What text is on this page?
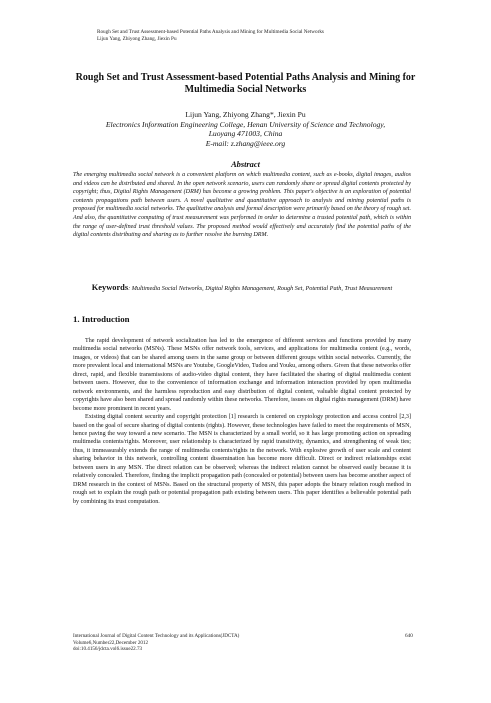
Rough Set and Trust Assessment-based Potential Paths Analysis and Mining for Multimedia Social Networks
Lijun Yang, Zhiyong Zhang, Jiexin Pu
Rough Set and Trust Assessment-based Potential Paths Analysis and Mining for Multimedia Social Networks
Lijun Yang, Zhiyong Zhang*, Jiexin Pu
Electronics Information Engineering College, Henan University of Science and Technology,
Luoyang 471003, China
E-mail: z.zhang@ieee.org
Abstract
The emerging multimedia social network is a convenient platform on which multimedia content, such as e-books, digital images, audios and videos can be distributed and shared. In the open network scenario, users can randomly share or spread digital contents protected by copyright; thus, Digital Rights Management (DRM) has become a growing problem. This paper's objective is an exploration of potential contents propagations path between users. A novel qualitative and quantitative approach to analysis and mining potential paths is proposed for multimedia social networks. The qualitative analysis and formal description were primarily based on the theory of rough set. And also, the quantitative computing of trust measurement was performed in order to determine a trusted potential path, which is within the range of user-defined trust threshold values. The proposed method would effectively and accurately find the potential paths of the digital contents distributing and sharing as to further resolve the burning DRM.
Keywords: Multimedia Social Networks, Digital Rights Management, Rough Set, Potential Path, Trust Measurement
1. Introduction

The rapid development of network socialization has led to the emergence of different services and functions provided by many multimedia social networks (MSNs). These MSNs offer network tools, services, and applications for multimedia content (e.g., words, images, or videos) that can be shared among users in the same group or between different groups within social networks. Currently, the more prevalent local and international MSNs are Youtube, GoogleVideo, Tudou and Youku, among others. Given that these networks offer direct, rapid, and flexible transmissions of audio-video digital content, they have facilitated the sharing of digital multimedia content between users. However, due to the convenience of information exchange and information interaction provided by open multimedia network environments, and the harmless reproduction and easy distribution of digital content, valuable digital content protected by copyrights have also been shared and spread randomly within these networks. Therefore, issues on digital rights management (DRM) have become more prominent in recent years.

Existing digital content security and copyright protection [1] research is centered on cryptology protection and access control [2,3] based on the goal of secure sharing of digital contents (rights). However, these technologies have failed to meet the requirements of MSN, hence paving the way toward a new scenario. The MSN is characterized by a small world, so it has large promoting action on spreading multimedia contents/rights. Moreover, user relationship is characterized by rapid transitivity, dynamics, and strengthening of weak ties; thus, it immeasurably extends the range of multimedia contents/rights in the network. With explosive growth of user scale and content sharing behavior in this network, controlling content dissemination has become more difficult. Direct or indirect relationships exist between users in any MSN. The direct relation can be observed; whereas the indirect relation cannot be observed easily because it is relatively concealed. Therefore, finding the implicit propagation path (concealed or potential) between users has become another aspect of DRM research in the context of MSNs. Based on the structural property of MSN, this paper adopts the binary relation rough method in rough set to explain the rough path or potential propagation path existing between users. This paper identifies a believable potential path by combining its trust computation.

International Journal of Digital Content Technology and its Applications(JDCTA)
Volume6,Number22,December 2012
doi:10.4156/jdcta.vol6.issue22.73
640
